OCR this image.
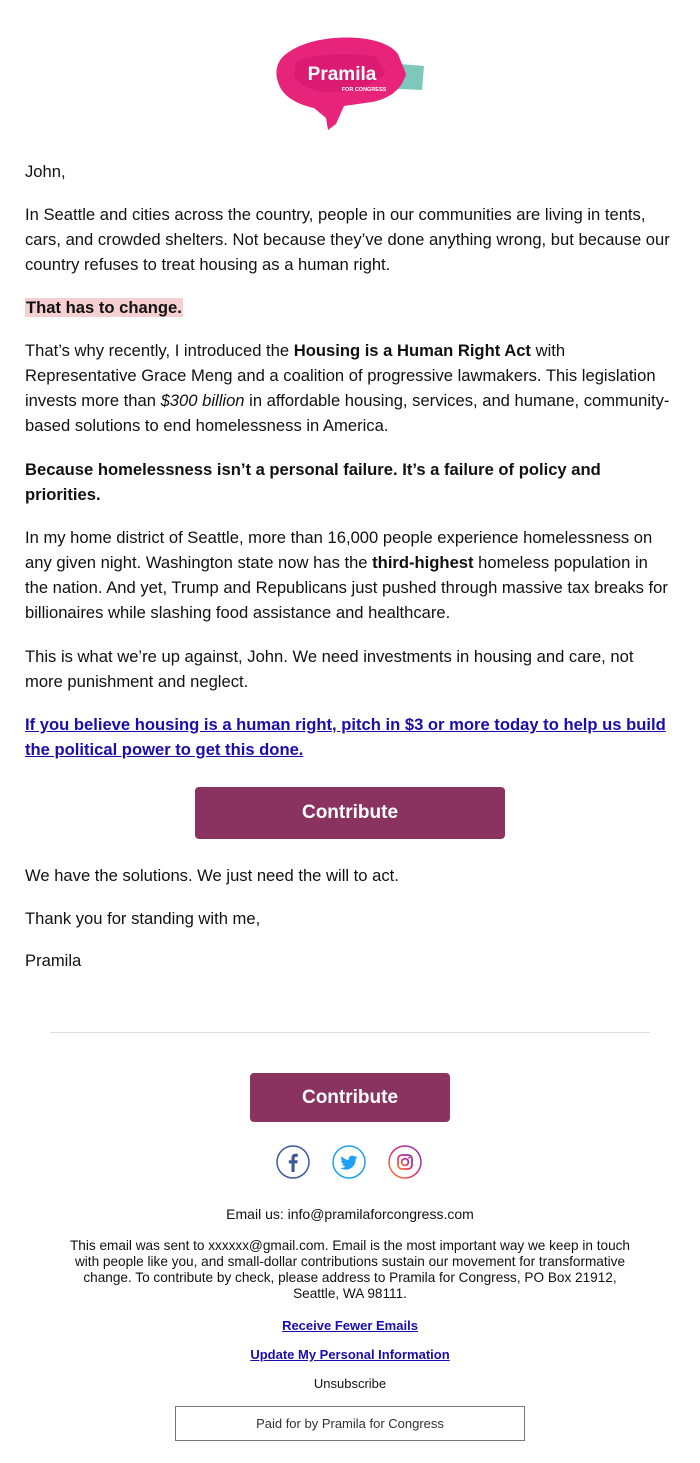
Pramila
FOR CONGRESS

John,

In Seattle and cities across the country, people in our communities are living in tents, cars, and crowded shelters. Not because they’ve done anything wrong, but because our country refuses to treat housing as a human right.

That has to change.

That’s why recently, I introduced the Housing is a Human Right Act with Representative Grace Meng and a coalition of progressive lawmakers. This legislation invests more than $300 billion in affordable housing, services, and humane, community-based solutions to end homelessness in America.

Because homelessness isn’t a personal failure. It’s a failure of policy and priorities.

In my home district of Seattle, more than 16,000 people experience homelessness on any given night. Washington state now has the third-highest homeless population in the nation. And yet, Trump and Republicans just pushed through massive tax breaks for billionaires while slashing food assistance and healthcare.

This is what we’re up against, John. We need investments in housing and care, not more punishment and neglect.

If you believe housing is a human right, pitch in $3 or more today to help us build the political power to get this done.

Contribute

We have the solutions. We just need the will to act.

Thank you for standing with me,

Pramila

Contribute
Email us: info@pramilaforcongress.com
This email was sent to xxxxxx@gmail.com. Email is the most important way we keep in touch with people like you, and small-dollar contributions sustain our movement for transformative change. To contribute by check, please address to Pramila for Congress, PO Box 21912, Seattle, WA 98111.
Receive Fewer Emails
Update My Personal Information
Unsubscribe
Paid for by Pramila for Congress
